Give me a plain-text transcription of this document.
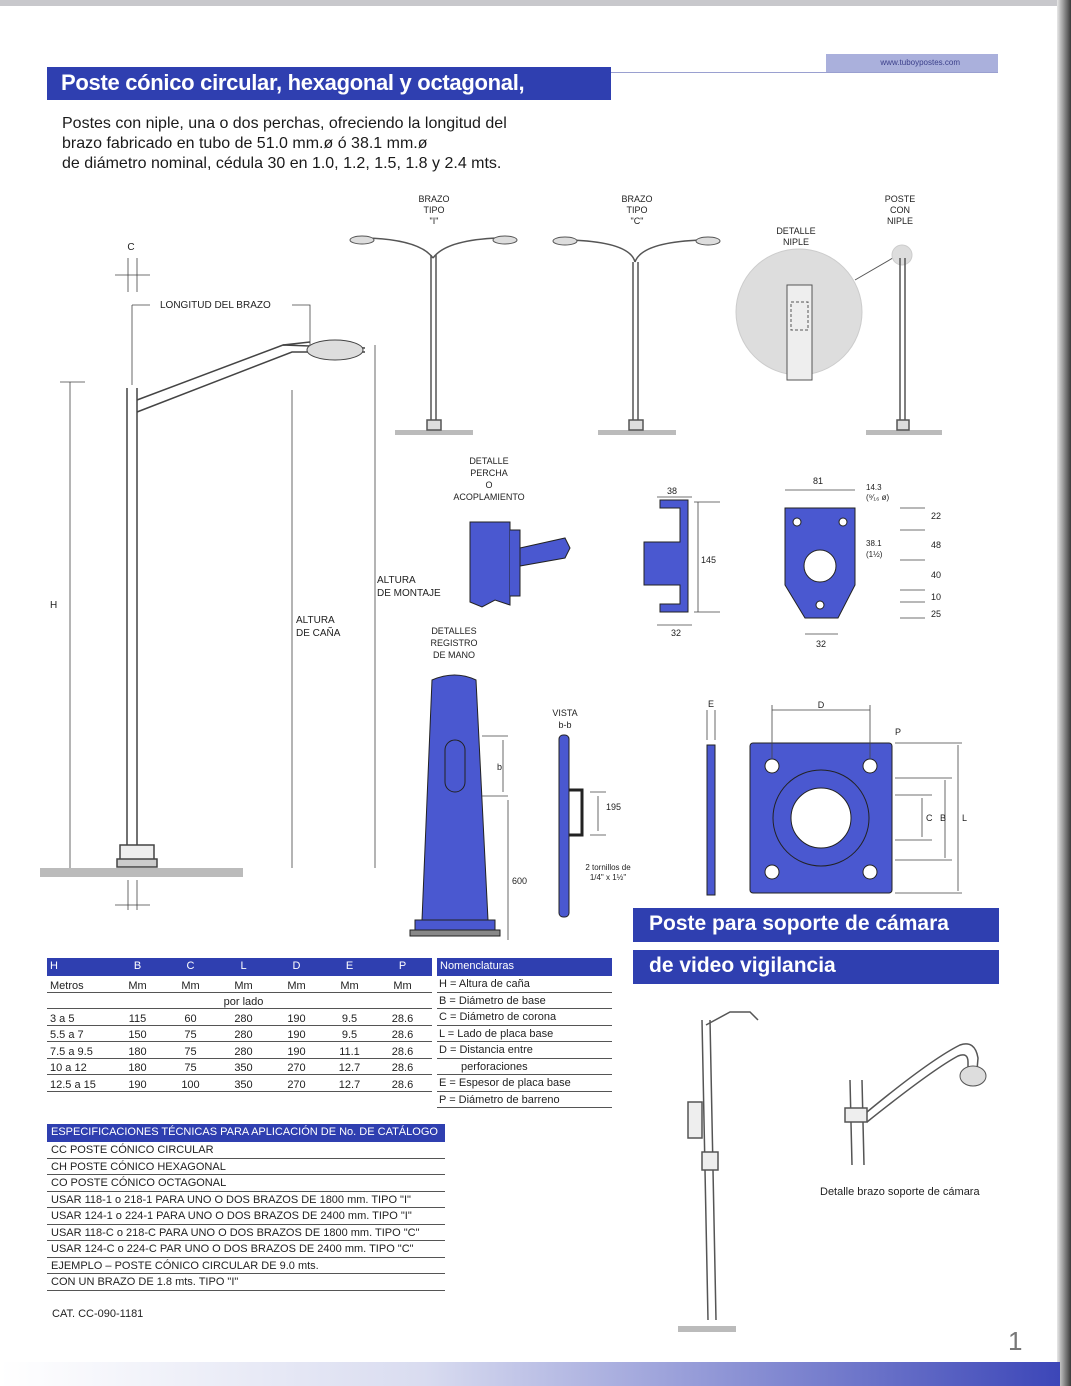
www.tuboypostes.com
Poste cónico circular, hexagonal y octagonal,
Postes con niple, una o dos perchas, ofreciendo la longitud del
brazo fabricado en tubo de 51.0 mm.ø ó 38.1 mm.ø
de diámetro nominal, cédula 30 en 1.0, 1.2, 1.5, 1.8 y 2.4 mts.
C
LONGITUD DEL BRAZO
H
ALTURA
DE CAÑA
ALTURA
DE MONTAJE
BRAZO
TIPO
"I"
BRAZO
TIPO
"C"
DETALLE
NIPLE
POSTE
CON
NIPLE
DETALLE
PERCHA
O
ACOPLAMIENTO
38
145
32
81
14.3
(⁹⁄₁₆ ø)
38.1
(1½)
22
48
40
10
25
32
DETALLES
REGISTRO
DE MANO
b
600
VISTA
b-b
195
2 tornillos de
1/4" x 1½"
E	D
P
C B L
H	B	C	L	D	E	P
Metros	Mm	Mm	Mm	Mm	Mm	Mm
por lado
3 a 5	115	60	280	190	9.5	28.6
5.5 a 7	150	75	280	190	9.5	28.6
7.5 a 9.5	180	75	280	190	11.1	28.6
10 a 12	180	75	350	270	12.7	28.6
12.5 a 15	190	100	350	270	12.7	28.6
Nomenclaturas
H = Altura de caña
B = Diámetro de base
C = Diámetro de corona
L = Lado de placa base
D = Distancia entre
perforaciones
E = Espesor de placa base
P = Diámetro de barreno
ESPECIFICACIONES TÉCNICAS PARA APLICACIÓN DE No. DE CATÁLOGO
CC POSTE CÓNICO CIRCULAR
CH POSTE CÓNICO HEXAGONAL
CO POSTE CÓNICO OCTAGONAL
USAR 118-1 o 218-1 PARA UNO O DOS BRAZOS DE 1800 mm. TIPO "I"
USAR 124-1 o 224-1 PARA UNO O DOS BRAZOS DE 2400 mm. TIPO "I"
USAR 118-C o 218-C PARA UNO O DOS BRAZOS DE 1800 mm. TIPO "C"
USAR 124-C o 224-C PAR UNO O DOS BRAZOS DE 2400 mm. TIPO "C"
EJEMPLO – POSTE CÓNICO CIRCULAR DE 9.0 mts.
CON UN BRAZO DE 1.8 mts. TIPO "I"
CAT. CC-090-1181
Poste para soporte de cámara
de video vigilancia
Detalle brazo soporte de cámara
1
